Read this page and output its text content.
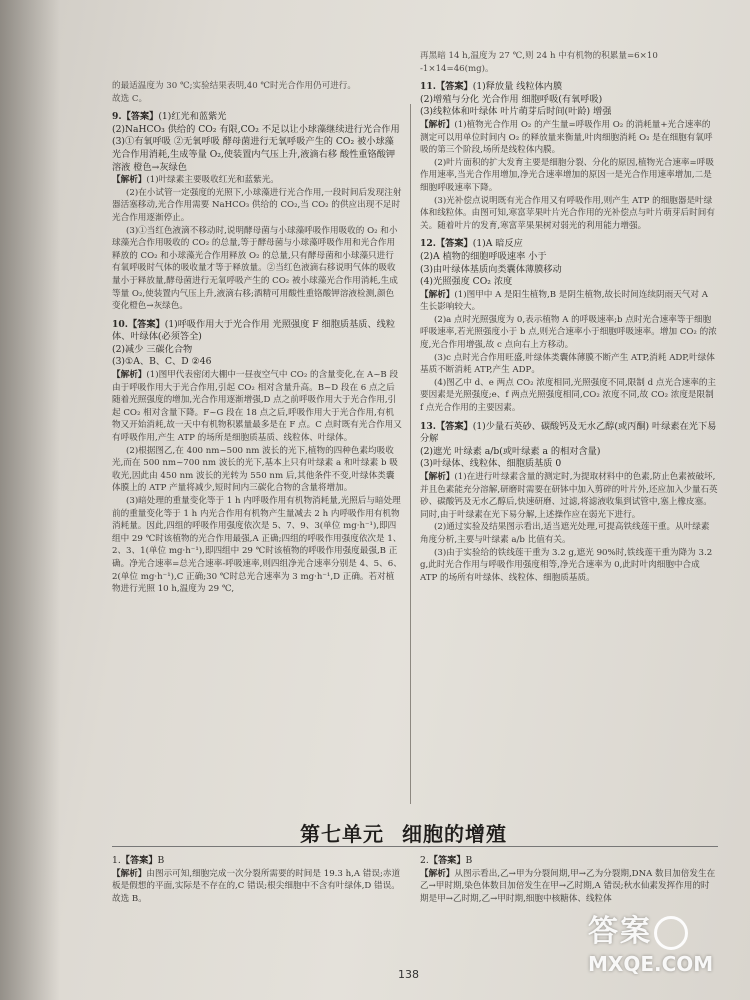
的最适温度为 30 ℃;实验结果表明,40 ℃时光合作用仍可进行。

故选 C。

9.【答案】(1)红光和蓝紫光

(2)NaHCO₃ 供给的 CO₂ 有限,CO₂ 不足以让小球藻继续进行光合作用

(3)①有氧呼吸 ②无氧呼吸 酵母菌进行无氧呼吸产生的 CO₂ 被小球藻光合作用消耗,生成等量 O₂,使装置内气压上升,液滴右移 酸性重铬酸钾溶液 橙色→灰绿色

【解析】(1)叶绿素主要吸收红光和蓝紫光。

(2)在小试管一定强度的光照下,小球藻进行光合作用,一段时间后发现注射器活塞移动,光合作用需要 NaHCO₃ 供给的 CO₂,当 CO₂ 的供应出现不足时光合作用逐渐停止。

(3)①当红色液滴不移动时,说明酵母菌与小球藻呼吸作用吸收的 O₂ 和小球藻光合作用吸收的 CO₂ 的总量,等于酵母菌与小球藻呼吸作用和光合作用释放的 CO₂ 和小球藻光合作用释放 O₂ 的总量,只有酵母菌和小球藻只进行有氧呼吸时气体的吸收量才等于释放量。②当红色液滴右移说明气体的吸收量小于释放量,酵母菌进行无氧呼吸产生的 CO₂ 被小球藻光合作用消耗,生成等量 O₂,使装置内气压上升,液滴右移;酒精可用酸性重铬酸钾溶液检测,颜色变化橙色→灰绿色。

10.【答案】(1)呼吸作用大于光合作用 光照强度 F 细胞质基质、线粒体、叶绿体(必须答全)

(2)减少 三碳化合物

(3)①A、B、C、D ②46

【解析】(1)图甲代表密闭大棚中一昼夜空气中 CO₂ 的含量变化,在 A~B 段由于呼吸作用大于光合作用,引起 CO₂ 相对含量升高。B~D 段在 6 点之后随着光照强度的增加,光合作用逐渐增强,D 点之前呼吸作用大于光合作用,引起 CO₂ 相对含量下降。F~G 段在 18 点之后,呼吸作用大于光合作用,有机物又开始消耗,故一天中有机物积累量最多是在 F 点。C 点时既有光合作用又有呼吸作用,产生 ATP 的场所是细胞质基质、线粒体、叶绿体。

(2)根据图乙,在 400 nm~500 nm 波长的光下,植物的四种色素均吸收光,而在 500 nm~700 nm 波长的光下,基本上只有叶绿素 a 和叶绿素 b 吸收光,因此由 450 nm 波长的光转为 550 nm 后,其他条件不变,叶绿体类囊体膜上的 ATP 产量将减少,短时间内三碳化合物的含量将增加。

(3)暗处理的重量变化等于 1 h 内呼吸作用有机物消耗量,光照后与暗处理前的重量变化等于 1 h 内光合作用有机物产生量减去 2 h 内呼吸作用有机物消耗量。因此,四组的呼吸作用强度依次是 5、7、9、3(单位 mg·h⁻¹),即四组中 29 ℃时该植物的光合作用最强,A 正确;四组的呼吸作用强度依次是 1、2、3、1(单位 mg·h⁻¹),即四组中 29 ℃时该植物的呼吸作用强度最强,B 正确。净光合速率=总光合速率-呼吸速率,则四组净光合速率分别是 4、5、6、2(单位 mg·h⁻¹),C 正确;30 ℃时总光合速率为 3 mg·h⁻¹,D 正确。若对植物进行光照 10 h,温度为 29 ℃,

再黑暗 14 h,温度为 27 ℃,则 24 h 中有机物的积累量=6×10

-1×14=46(mg)。

11.【答案】(1)释放量 线粒体内膜

(2)增殖与分化 光合作用 细胞呼吸(有氧呼吸)

(3)线粒体和叶绿体 叶片萌芽后时间(叶龄) 增强

【解析】(1)植物光合作用 O₂ 的产生量=呼吸作用 O₂ 的消耗量+光合速率的测定可以用单位时间内 O₂ 的释放量来衡量,叶肉细胞消耗 O₂ 是在细胞有氧呼吸的第三个阶段,场所是线粒体内膜。

(2)叶片面积的扩大发育主要是细胞分裂、分化的原因,植物光合速率=呼吸作用速率,当光合作用增加,净光合速率增加的原因一是光合作用速率增加,二是细胞呼吸速率下降。

(3)光补偿点说明既有光合作用又有呼吸作用,则产生 ATP 的细胞器是叶绿体和线粒体。由图可知,寒富苹果叶片光合作用的光补偿点与叶片萌芽后时间有关。随着叶片的发育,寒富苹果果树对弱光的利用能力增强。

12.【答案】(1)A 暗反应

(2)A 植物的细胞呼吸速率 小于

(3)由叶绿体基质向类囊体薄膜移动

(4)光照强度 CO₂ 浓度

【解析】(1)图甲中 A 是阳生植物,B 是阴生植物,故长时间连续阴雨天气对 A 生长影响较大。

(2)a 点时光照强度为 0,表示植物 A 的呼吸速率;b 点时光合速率等于细胞呼吸速率,若光照强度小于 b 点,则光合速率小于细胞呼吸速率。增加 CO₂ 的浓度,光合作用增强,故 c 点向右上方移动。

(3)c 点时光合作用旺盛,叶绿体类囊体薄膜不断产生 ATP,消耗 ADP,叶绿体基质不断消耗 ATP,产生 ADP。

(4)图乙中 d、e 两点 CO₂ 浓度相同,光照强度不同,限制 d 点光合速率的主要因素是光照强度;e、f 两点光照强度相同,CO₂ 浓度不同,故 CO₂ 浓度是限制 f 点光合作用的主要因素。

13.【答案】(1)少量石英砂、碳酸钙及无水乙醇(或丙酮) 叶绿素在光下易分解

(2)遮光 叶绿素 a/b(或叶绿素 a 的相对含量)

(3)叶绿体、线粒体、细胞质基质 0

【解析】(1)在进行叶绿素含量的测定时,为提取材料中的色素,防止色素被破坏,并且色素能充分溶解,研磨时需要在研钵中加入剪碎的叶片外,还应加入少量石英砂、碳酸钙及无水乙醇后,快速研磨、过滤,将滤液收集到试管中,塞上橡皮塞。同时,由于叶绿素在光下易分解,上述操作应在弱光下进行。

(2)通过实验及结果图示看出,适当遮光处理,可提高铁线莲干重。从叶绿素角度分析,主要与叶绿素 a/b 比值有关。

(3)由于实验给的铁线莲干重为 3.2 g,遮光 90%时,铁线莲干重为降为 3.2 g,此时光合作用与呼吸作用强度相等,净光合速率为 0,此时叶肉细胞中合成 ATP 的场所有叶绿体、线粒体、细胞质基质。

第七单元 细胞的增殖

1.【答案】B

【解析】由图示可知,细胞完成一次分裂所需要的时间是 19.3 h,A 错误;赤道板是假想的平面,实际是不存在的,C 错误;根尖细胞中不含有叶绿体,D 错误。故选 B。

2.【答案】B

【解析】从图示看出,乙→甲为分裂间期,甲→乙为分裂期,DNA 数目加倍发生在乙→甲时期,染色体数目加倍发生在甲→乙时期,A 错误;秋水仙素发挥作用的时期是甲→乙时期,乙→甲时期,细胞中核糖体、线粒体

138
答案
MXQE.COM
